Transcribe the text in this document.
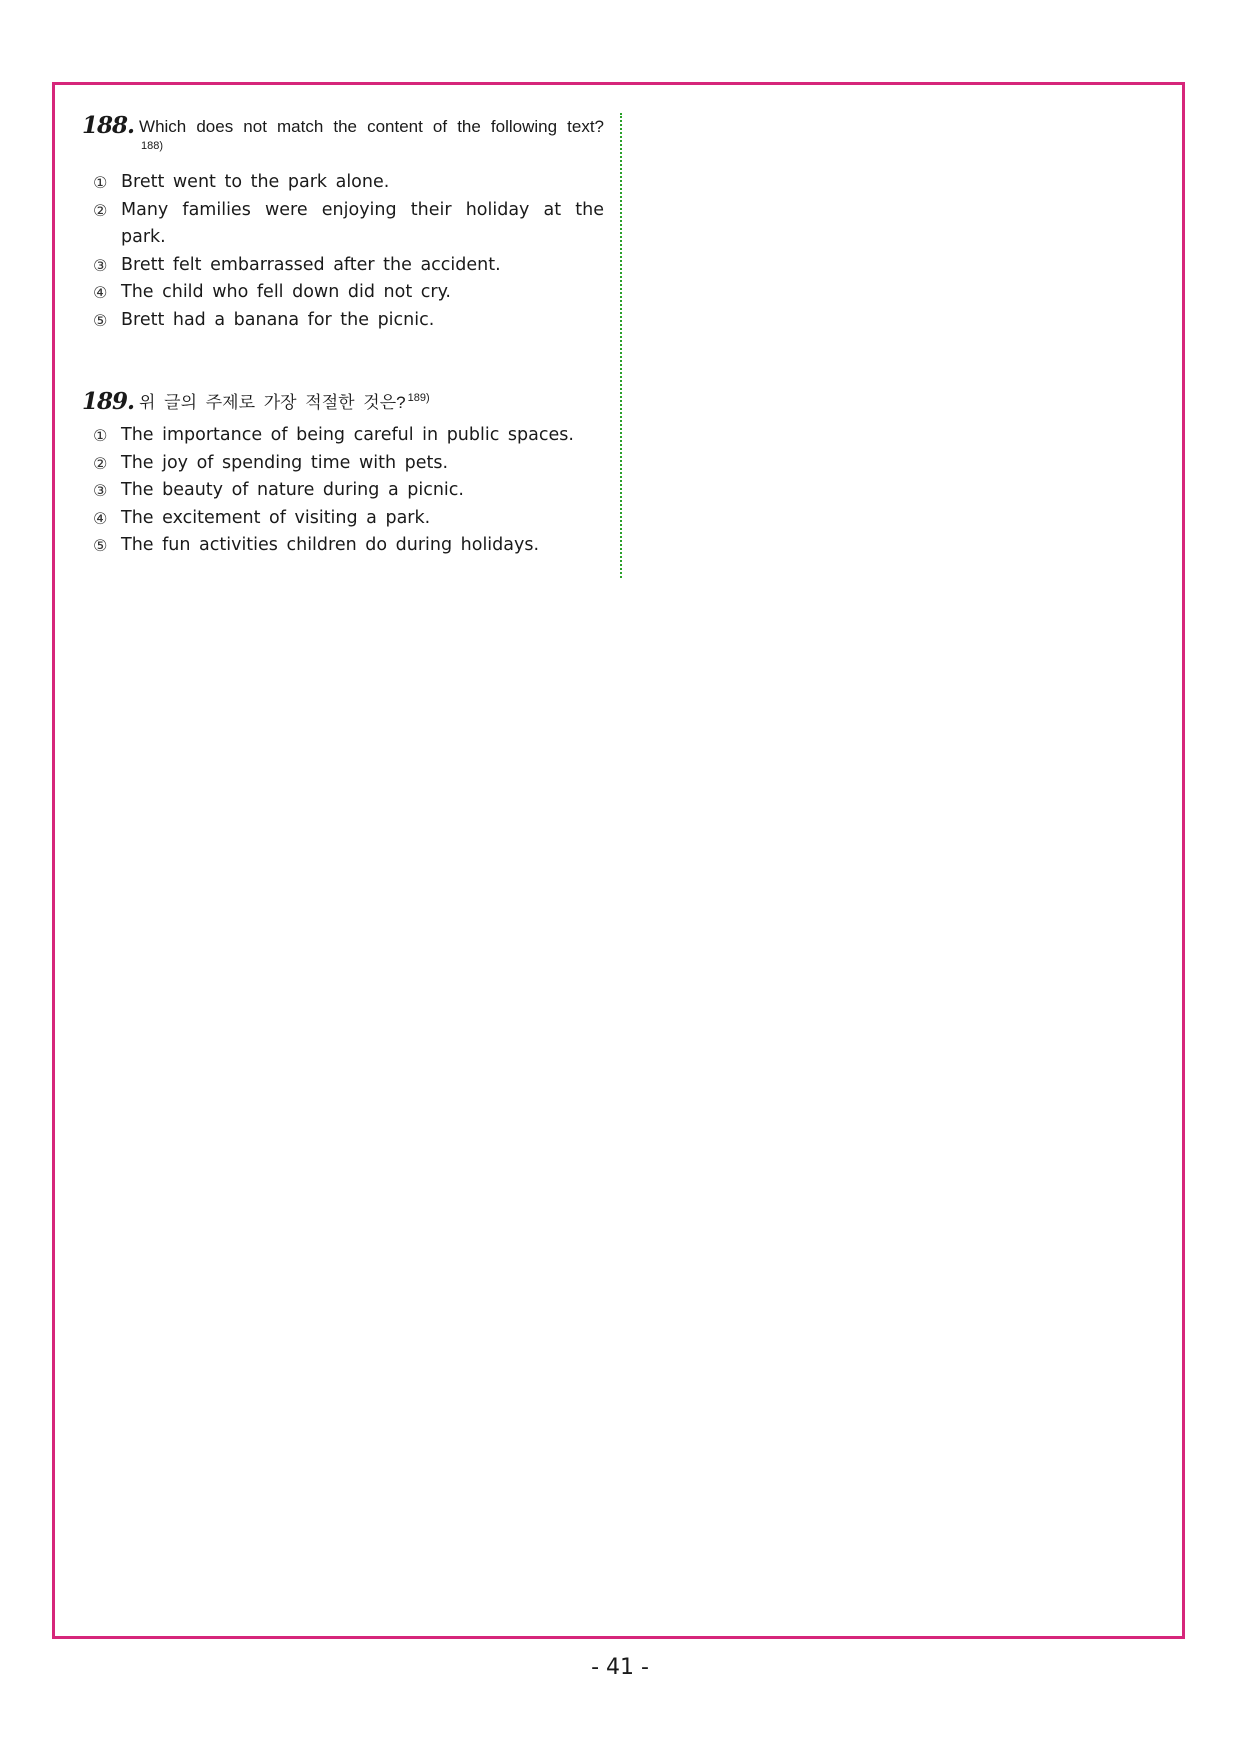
188. Which does not match the content of the following text?$^{188)}$
① Brett went to the park alone.
② Many families were enjoying their holiday at the park.
③ Brett felt embarrassed after the accident.
④ The child who fell down did not cry.
⑤ Brett had a banana for the picnic.
189. 위 글의 주제로 가장 적절한 것은? $^{189)}$
① The importance of being careful in public spaces.
② The joy of spending time with pets.
③ The beauty of nature during a picnic.
④ The excitement of visiting a park.
⑤ The fun activities children do during holidays.
- 41 -
